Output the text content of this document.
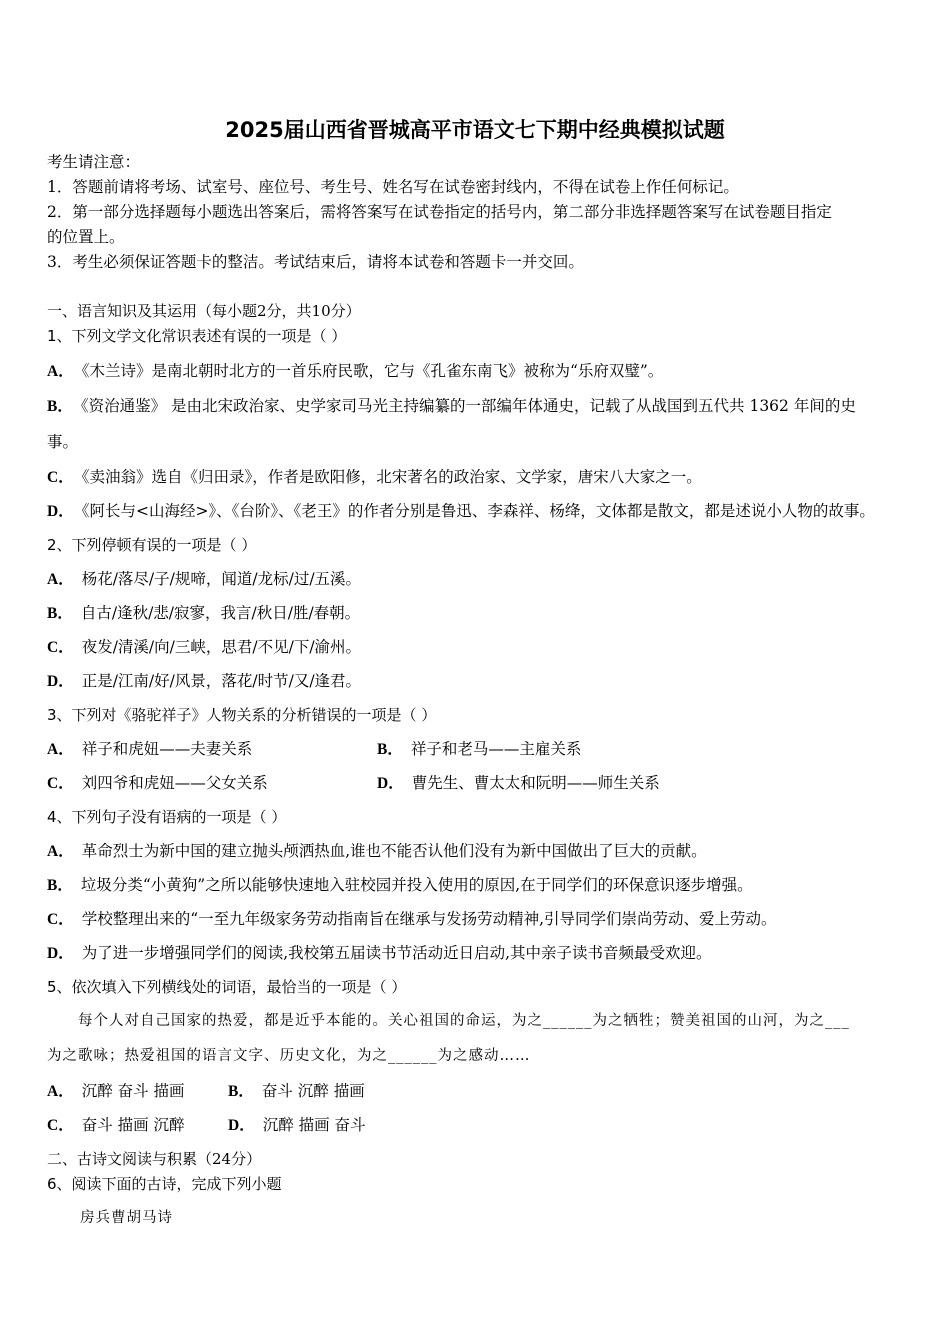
2025届山西省晋城高平市语文七下期中经典模拟试题
考生请注意：
1．答题前请将考场、试室号、座位号、考生号、姓名写在试卷密封线内，不得在试卷上作任何标记。
2．第一部分选择题每小题选出答案后，需将答案写在试卷指定的括号内，第二部分非选择题答案写在试卷题目指定
的位置上。
3．考生必须保证答题卡的整洁。考试结束后，请将本试卷和答题卡一并交回。
一、语言知识及其运用（每小题2分，共10分）
1、下列文学文化常识表述有误的一项是（ ）
A． 《木兰诗》是南北朝时北方的一首乐府民歌，它与《孔雀东南飞》被称为“乐府双璧”。
B． 《资治通鉴》 是由北宋政治家、史学家司马光主持编纂的一部编年体通史，记载了从战国到五代共 1362 年间的史
事。
C． 《卖油翁》选自《归田录》，作者是欧阳修，北宋著名的政治家、文学家，唐宋八大家之一。
D． 《阿长与<山海经>》、《台阶》、《老王》的作者分别是鲁迅、李森祥、杨绛，文体都是散文，都是述说小人物的故事。
2、下列停顿有误的一项是（ ）
A． 杨花/落尽/子/规啼，闻道/龙标/过/五溪。
B． 自古/逢秋/悲/寂寥，我言/秋日/胜/春朝。
C． 夜发/清溪/向/三峡，思君/不见/下/渝州。
D． 正是/江南/好/风景，落花/时节/又/逢君。
3、下列对《骆驼祥子》人物关系的分析错误的一项是（ ）
A． 祥子和虎妞——夫妻关系	B． 祥子和老马——主雇关系
C． 刘四爷和虎妞——父女关系	D． 曹先生、曹太太和阮明——师生关系
4、下列句子没有语病的一项是（ ）
A． 革命烈士为新中国的建立抛头颅洒热血,谁也不能否认他们没有为新中国做出了巨大的贡献。
B． 垃圾分类“小黄狗”之所以能够快速地入驻校园并投入使用的原因,在于同学们的环保意识逐步增强。
C． 学校整理出来的“一至九年级家务劳动指南旨在继承与发扬劳动精神,引导同学们崇尚劳动、爱上劳动。
D． 为了进一步增强同学们的阅读,我校第五届读书节活动近日启动,其中亲子读书音频最受欢迎。
5、依次填入下列横线处的词语，最恰当的一项是（ ）
每个人对自己国家的热爱，都是近乎本能的。关心祖国的命运，为之______为之牺牲；赞美祖国的山河，为之___
为之歌咏；热爱祖国的语言文字、历史文化，为之______为之感动……
A． 沉醉 奋斗 描画	B． 奋斗 沉醉 描画
C． 奋斗 描画 沉醉	D． 沉醉 描画 奋斗
二、古诗文阅读与积累（24分）
6、阅读下面的古诗，完成下列小题
房兵曹胡马诗
